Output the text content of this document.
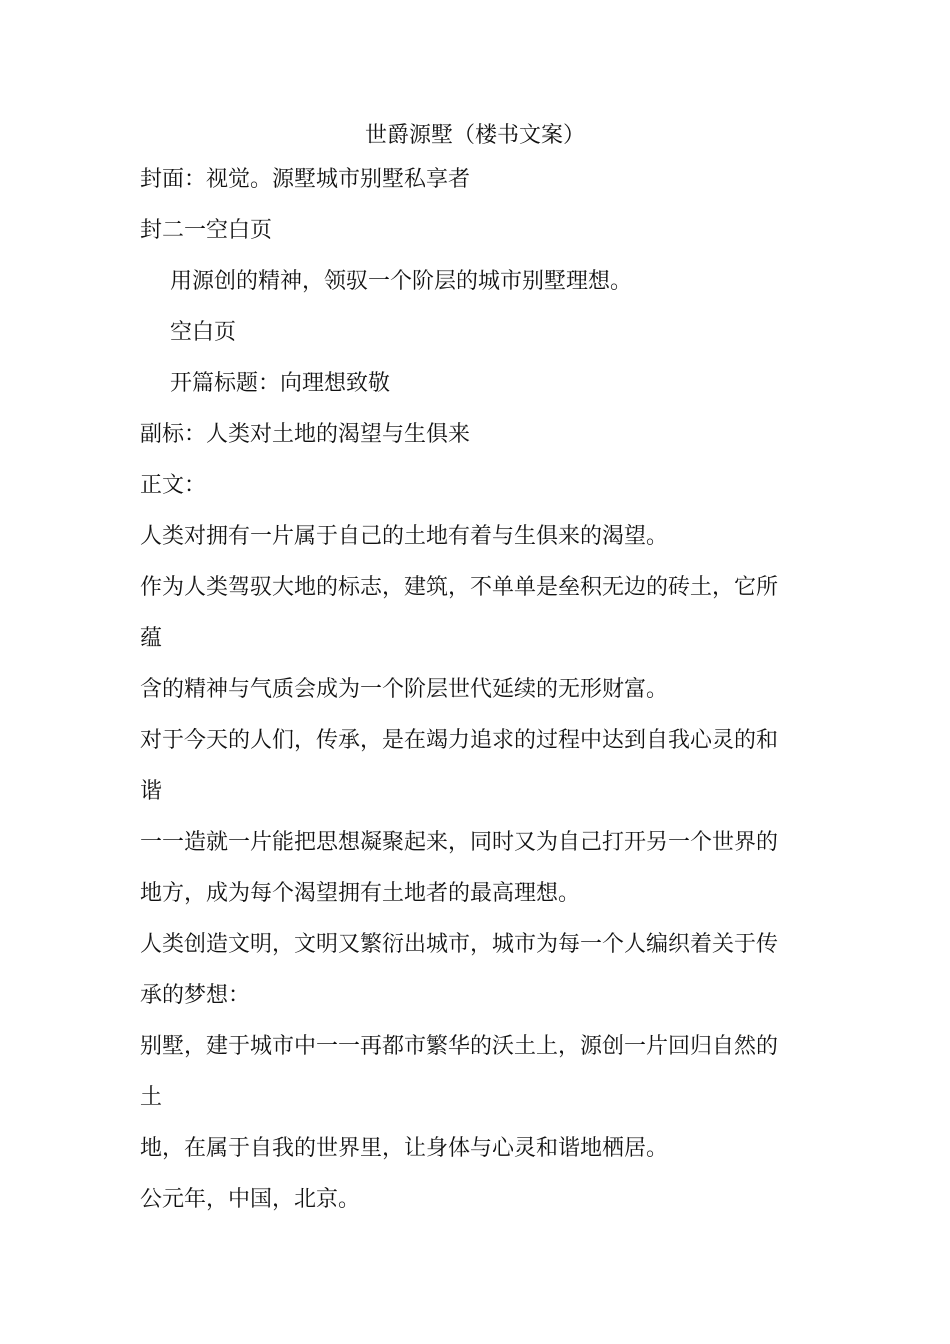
世爵源墅（楼书文案）
封面：视觉。源墅城市别墅私享者
封二一空白页
用源创的精神，领驭一个阶层的城市别墅理想。
空白页
开篇标题：向理想致敬
副标：人类对土地的渴望与生俱来
正文：
人类对拥有一片属于自己的土地有着与生俱来的渴望。
作为人类驾驭大地的标志，建筑，不单单是垒积无边的砖土，它所
蕴
含的精神与气质会成为一个阶层世代延续的无形财富。
对于今天的人们，传承，是在竭力追求的过程中达到自我心灵的和
谐
一一造就一片能把思想凝聚起来，同时又为自己打开另一个世界的
地方，成为每个渴望拥有土地者的最高理想。
人类创造文明，文明又繁衍出城市，城市为每一个人编织着关于传
承的梦想：
别墅，建于城市中一一再都市繁华的沃土上，源创一片回归自然的
土
地，在属于自我的世界里，让身体与心灵和谐地栖居。
公元年，中国，北京。
